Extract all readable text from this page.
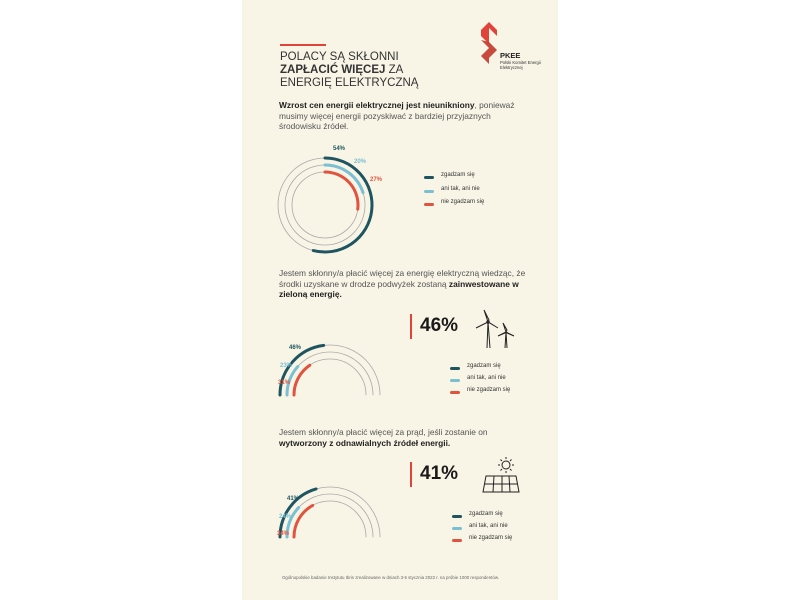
POLACY SĄ SKŁONNI
ZAPŁACIĆ WIĘCEJ ZA
ENERGIĘ ELEKTRYCZNĄ
PKEE
Polski Komitet Energii Elektrycznej
Wzrost cen energii elektrycznej jest nieunikniony, ponieważ musimy więcej energii pozyskiwać z bardziej przyjaznych środowisku źródeł.
54%
20%
27%
zgadzam się
ani tak, ani nie
nie zgadzam się
Jestem skłonny/a płacić więcej za energię elektryczną wiedząc, że środki uzyskane w drodze podwyżek zostaną zainwestowane w zieloną energię.
46%
46%
23%
31%
zgadzam się
ani tak, ani nie
nie zgadzam się
Jestem skłonny/a płacić więcej za prąd, jeśli zostanie on wytworzony z odnawialnych źródeł energii.
41%
41%
24%
34%
zgadzam się
ani tak, ani nie
nie zgadzam się
Ogólnopolskie badanie Instytutu Ibris zrealizowane w dniach 3-5 stycznia 2022 r. na próbie 1000 respondentów.
